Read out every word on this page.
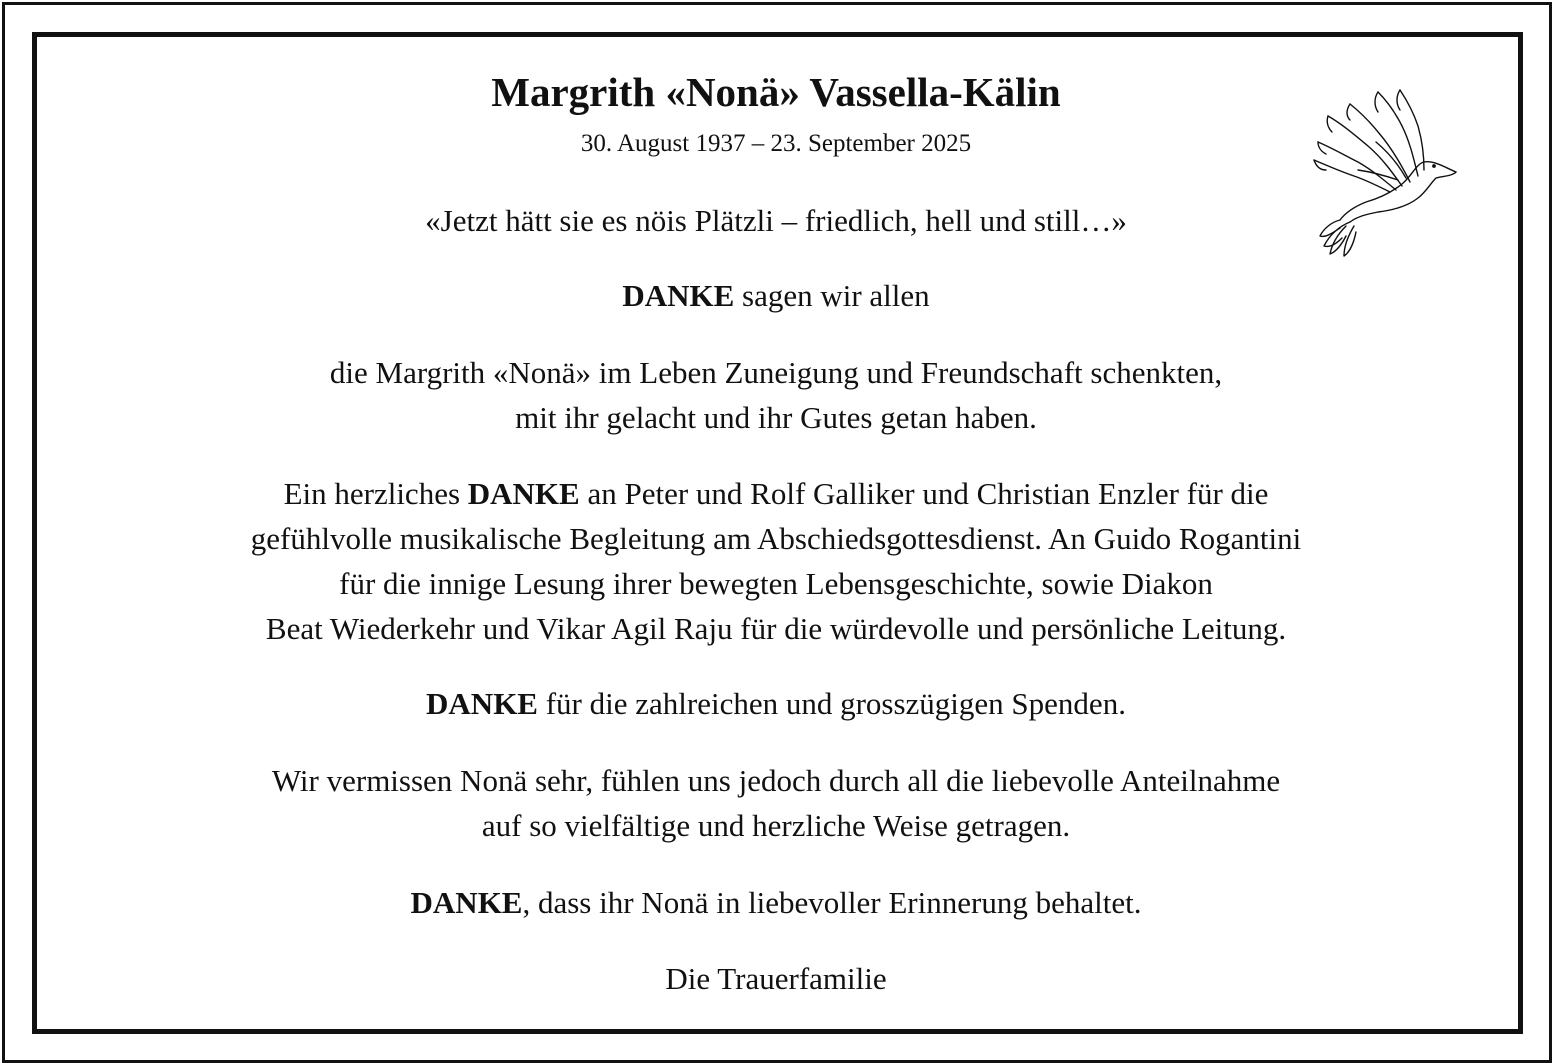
Margrith «Nonä» Vassella-Kälin
30. August 1937 – 23. September 2025
«Jetzt hätt sie es nöis Plätzli – friedlich, hell und still…»
DANKE sagen wir allen
die Margrith «Nonä» im Leben Zuneigung und Freundschaft schenkten,
mit ihr gelacht und ihr Gutes getan haben.
Ein herzliches DANKE an Peter und Rolf Galliker und Christian Enzler für die
gefühlvolle musikalische Begleitung am Abschiedsgottesdienst. An Guido Rogantini
für die innige Lesung ihrer bewegten Lebensgeschichte, sowie Diakon
Beat Wiederkehr und Vikar Agil Raju für die würdevolle und persönliche Leitung.
DANKE für die zahlreichen und grosszügigen Spenden.
Wir vermissen Nonä sehr, fühlen uns jedoch durch all die liebevolle Anteilnahme
auf so vielfältige und herzliche Weise getragen.
DANKE, dass ihr Nonä in liebevoller Erinnerung behaltet.
Die Trauerfamilie
